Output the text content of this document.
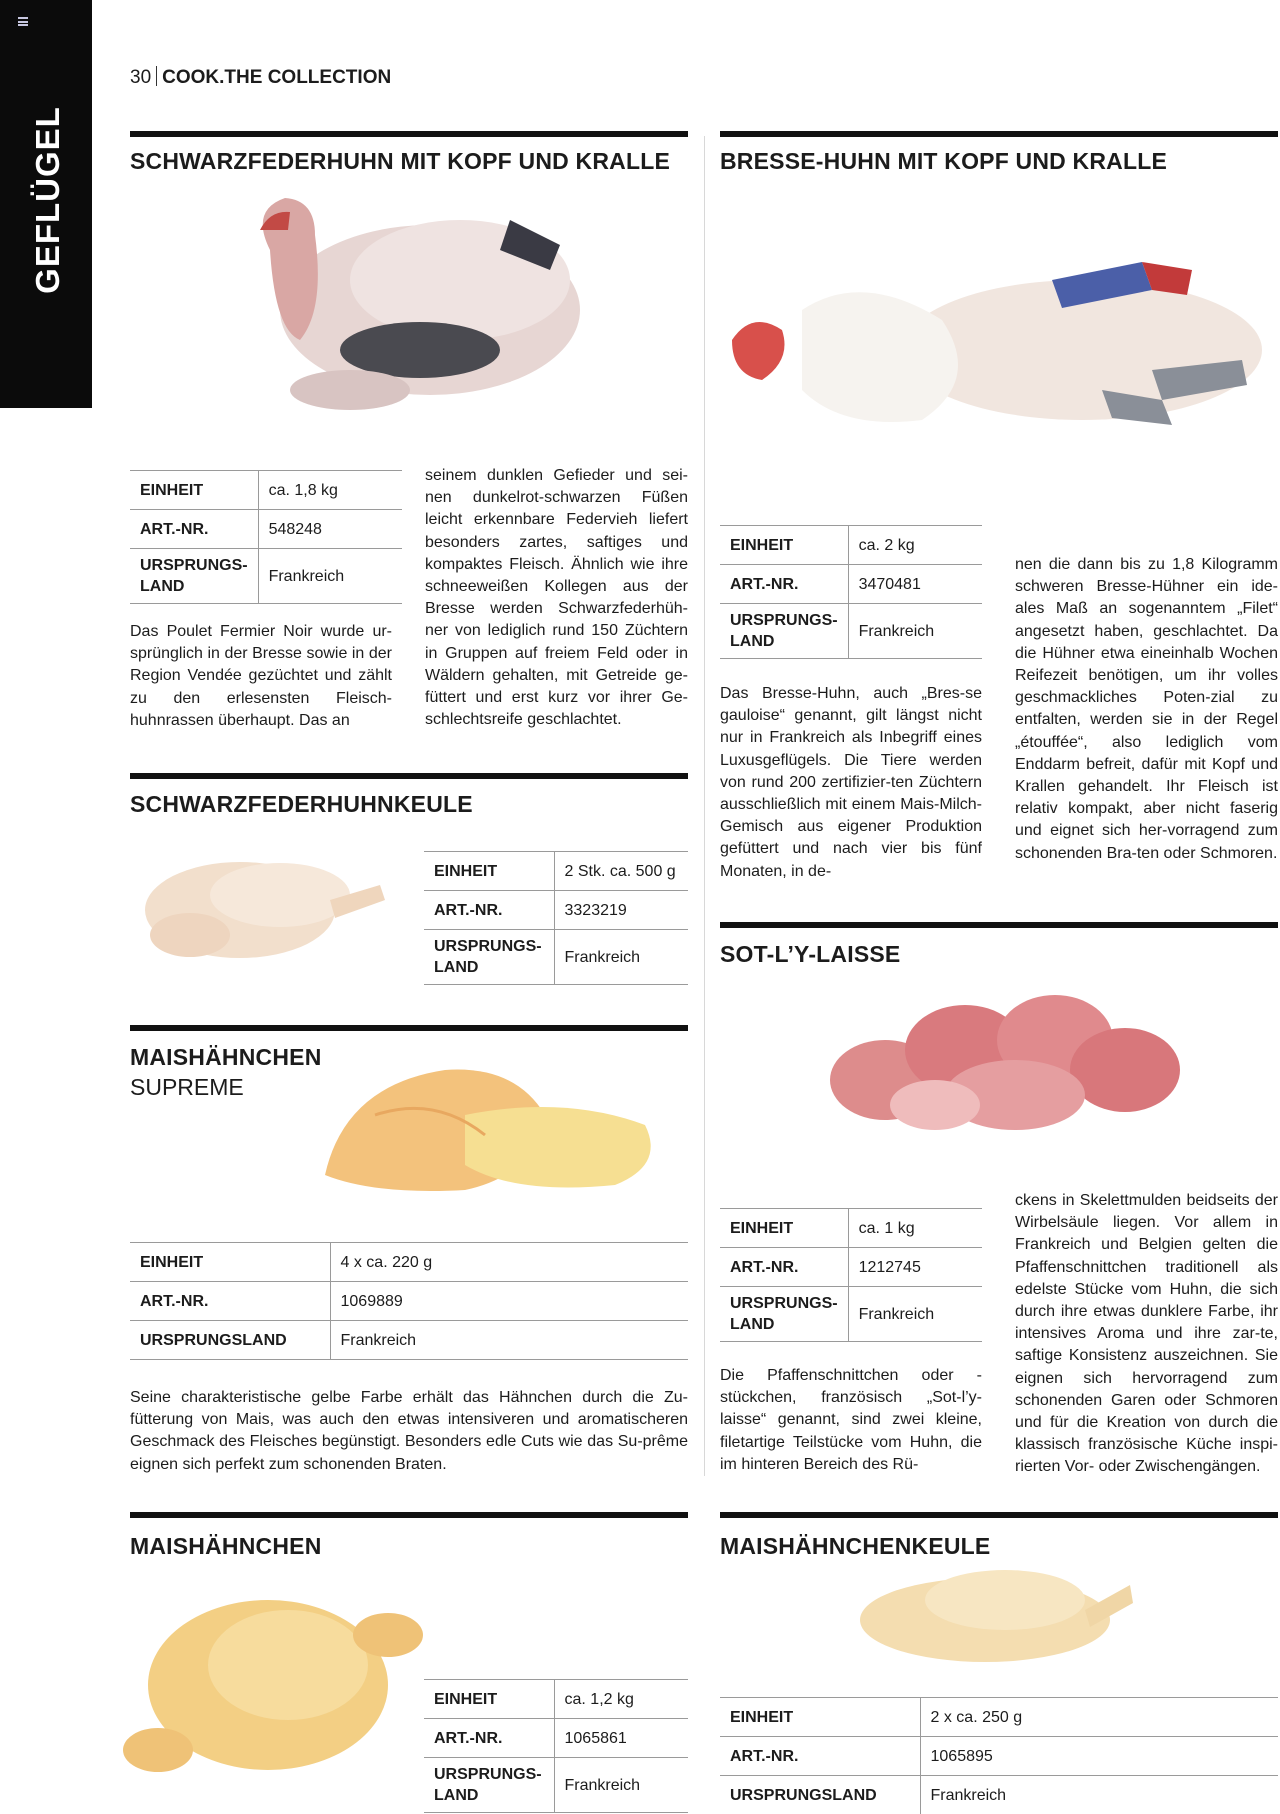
GEFLÜGEL
30 COOK.THE COLLECTION
SCHWARZFEDERHUHN MIT KOPF UND KRALLE
EINHEIT	ca. 1,8 kg
ART.-NR.	548248
URSPRUNGS-
LAND	Frankreich
Das Poulet Fermier Noir wurde ur-sprünglich in der Bresse sowie in der Region Vendée gezüchtet und zählt zu den erlesensten Fleisch-huhnrassen überhaupt. Das an
seinem dunklen Gefieder und sei-nen dunkelrot-schwarzen Füßen leicht erkennbare Federvieh liefert besonders zartes, saftiges und kompaktes Fleisch. Ähnlich wie ihre schneeweißen Kollegen aus der Bresse werden Schwarzfederhüh-ner von lediglich rund 150 Züchtern in Gruppen auf freiem Feld oder in Wäldern gehalten, mit Getreide ge-füttert und erst kurz vor ihrer Ge-schlechtsreife geschlachtet.
BRESSE-HUHN MIT KOPF UND KRALLE
EINHEIT	ca. 2 kg
ART.-NR.	3470481
URSPRUNGS-
LAND	Frankreich
Das Bresse-Huhn, auch „Bres-se gauloise“ genannt, gilt längst nicht nur in Frankreich als Inbegriff eines Luxusgeflügels. Die Tiere werden von rund 200 zertifizier-ten Züchtern ausschließlich mit einem Mais-Milch-Gemisch aus eigener Produktion gefüttert und nach vier bis fünf Monaten, in de-
nen die dann bis zu 1,8 Kilogramm schweren Bresse-Hühner ein ide-ales Maß an sogenanntem „Filet“ angesetzt haben, geschlachtet. Da die Hühner etwa eineinhalb Wochen Reifezeit benötigen, um ihr volles geschmackliches Poten-zial zu entfalten, werden sie in der Regel „étouffée“, also lediglich vom Enddarm befreit, dafür mit Kopf und Krallen gehandelt. Ihr Fleisch ist relativ kompakt, aber nicht faserig und eignet sich her-vorragend zum schonenden Bra-ten oder Schmoren.
SCHWARZFEDERHUHNKEULE
EINHEIT	2 Stk. ca. 500 g
ART.-NR.	3323219
URSPRUNGS-
LAND	Frankreich	SOT-L’Y-LAISSE
EINHEIT	ca. 1 kg
ART.-NR.	1212745
URSPRUNGS-
LAND	Frankreich
Die Pfaffenschnittchen oder -stückchen, französisch „Sot-l’y-laisse“ genannt, sind zwei kleine, filetartige Teilstücke vom Huhn, die im hinteren Bereich des Rü-
ckens in Skelettmulden beidseits der Wirbelsäule liegen. Vor allem in Frankreich und Belgien gelten die Pfaffenschnittchen traditionell als edelste Stücke vom Huhn, die sich durch ihre etwas dunklere Farbe, ihr intensives Aroma und ihre zar-te, saftige Konsistenz auszeichnen. Sie eignen sich hervorragend zum schonenden Garen oder Schmoren und für die Kreation von durch die klassisch französische Küche inspi-rierten Vor- oder Zwischengängen.
MAISHÄHNCHEN
SUPREME
EINHEIT	4 x ca. 220 g
ART.-NR.	1069889
URSPRUNGSLAND	Frankreich
Seine charakteristische gelbe Farbe erhält das Hähnchen durch die Zu-fütterung von Mais, was auch den etwas intensiveren und aromatischeren Geschmack des Fleisches begünstigt. Besonders edle Cuts wie das Su-prême eignen sich perfekt zum schonenden Braten.
MAISHÄHNCHEN
EINHEIT	ca. 1,2 kg
ART.-NR.	1065861
URSPRUNGS-
LAND	Frankreich
MAISHÄHNCHENKEULE
EINHEIT	2 x ca. 250 g
ART.-NR.	1065895
URSPRUNGSLAND	Frankreich
